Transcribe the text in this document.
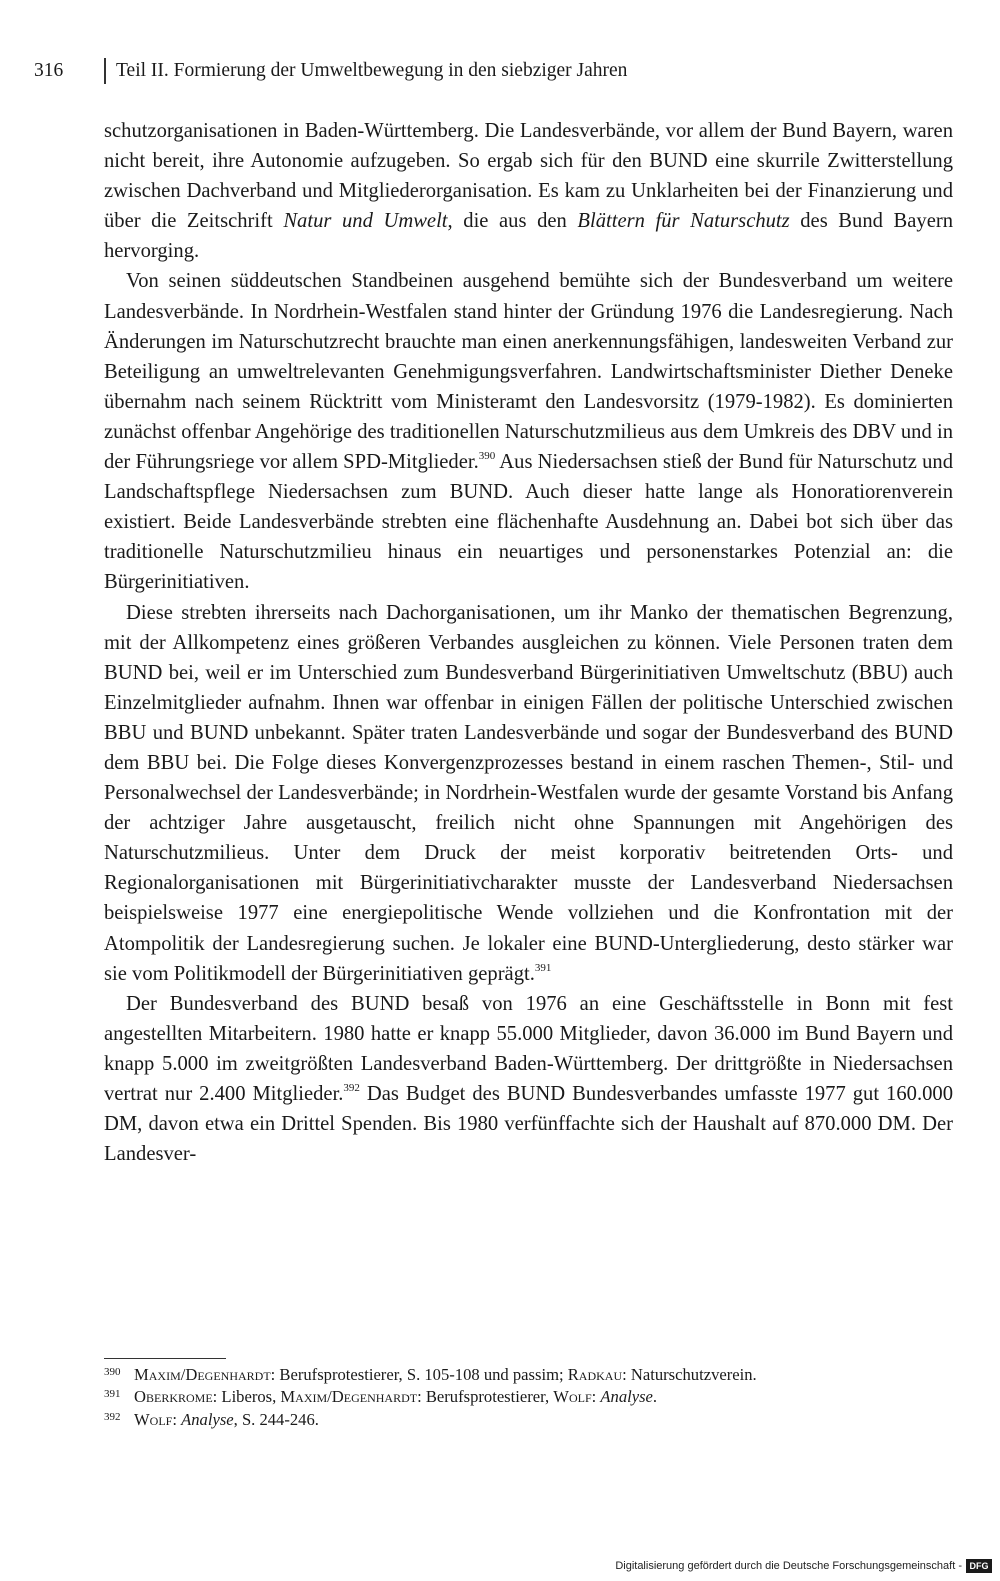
316	Teil II. Formierung der Umweltbewegung in den siebziger Jahren

schutzorganisationen in Baden-Württemberg. Die Landesverbände, vor allem der Bund Bayern, waren nicht bereit, ihre Autonomie aufzugeben. So ergab sich für den BUND eine skurrile Zwitterstellung zwischen Dachverband und Mitgliederorganisation. Es kam zu Unklarheiten bei der Finanzierung und über die Zeitschrift Natur und Umwelt, die aus den Blättern für Naturschutz des Bund Bayern hervorging.

Von seinen süddeutschen Standbeinen ausgehend bemühte sich der Bundesverband um weitere Landesverbände. In Nordrhein-Westfalen stand hinter der Gründung 1976 die Landesregierung. Nach Änderungen im Naturschutzrecht brauchte man einen anerkennungsfähigen, landesweiten Verband zur Beteiligung an umweltrelevanten Genehmigungsverfahren. Landwirtschaftsminister Diether Deneke übernahm nach seinem Rücktritt vom Ministeramt den Landesvorsitz (1979-1982). Es dominierten zunächst offenbar Angehörige des traditionellen Naturschutzmilieus aus dem Umkreis des DBV und in der Führungsriege vor allem SPD-Mitglieder.$^{390}$ Aus Niedersachsen stieß der Bund für Naturschutz und Landschaftspflege Niedersachsen zum BUND. Auch dieser hatte lange als Honoratiorenverein existiert. Beide Landesverbände strebten eine flächenhafte Ausdehnung an. Dabei bot sich über das traditionelle Naturschutzmilieu hinaus ein neuartiges und personenstarkes Potenzial an: die Bürgerinitiativen.

Diese strebten ihrerseits nach Dachorganisationen, um ihr Manko der thematischen Begrenzung, mit der Allkompetenz eines größeren Verbandes ausgleichen zu können. Viele Personen traten dem BUND bei, weil er im Unterschied zum Bundesverband Bürgerinitiativen Umweltschutz (BBU) auch Einzelmitglieder aufnahm. Ihnen war offenbar in einigen Fällen der politische Unterschied zwischen BBU und BUND unbekannt. Später traten Landesverbände und sogar der Bundesverband des BUND dem BBU bei. Die Folge dieses Konvergenzprozesses bestand in einem raschen Themen-, Stil- und Personalwechsel der Landesverbände; in Nordrhein-Westfalen wurde der gesamte Vorstand bis Anfang der achtziger Jahre ausgetauscht, freilich nicht ohne Spannungen mit Angehörigen des Naturschutzmilieus. Unter dem Druck der meist korporativ beitretenden Orts- und Regionalorganisationen mit Bürgerinitiativcharakter musste der Landesverband Niedersachsen beispielsweise 1977 eine energiepolitische Wende vollziehen und die Konfrontation mit der Atompolitik der Landesregierung suchen. Je lokaler eine BUND-Untergliederung, desto stärker war sie vom Politikmodell der Bürgerinitiativen geprägt.$^{391}$

Der Bundesverband des BUND besaß von 1976 an eine Geschäftsstelle in Bonn mit fest angestellten Mitarbeitern. 1980 hatte er knapp 55.000 Mitglieder, davon 36.000 im Bund Bayern und knapp 5.000 im zweitgrößten Landesverband Baden-Württemberg. Der drittgrößte in Niedersachsen vertrat nur 2.400 Mitglieder.$^{392}$ Das Budget des BUND Bundesverbandes umfasste 1977 gut 160.000 DM, davon etwa ein Drittel Spenden. Bis 1980 verfünffachte sich der Haushalt auf 870.000 DM. Der Landesver-

390 Maxim/Degenhardt: Berufsprotestierer, S. 105-108 und passim; Radkau: Naturschutzverein.
391 Oberkrome: Liberos, Maxim/Degenhardt: Berufsprotestierer, Wolf: Analyse.
392 Wolf: Analyse, S. 244-246.
Digitalisierung gefördert durch die Deutsche Forschungsgemeinschaft - DFG
